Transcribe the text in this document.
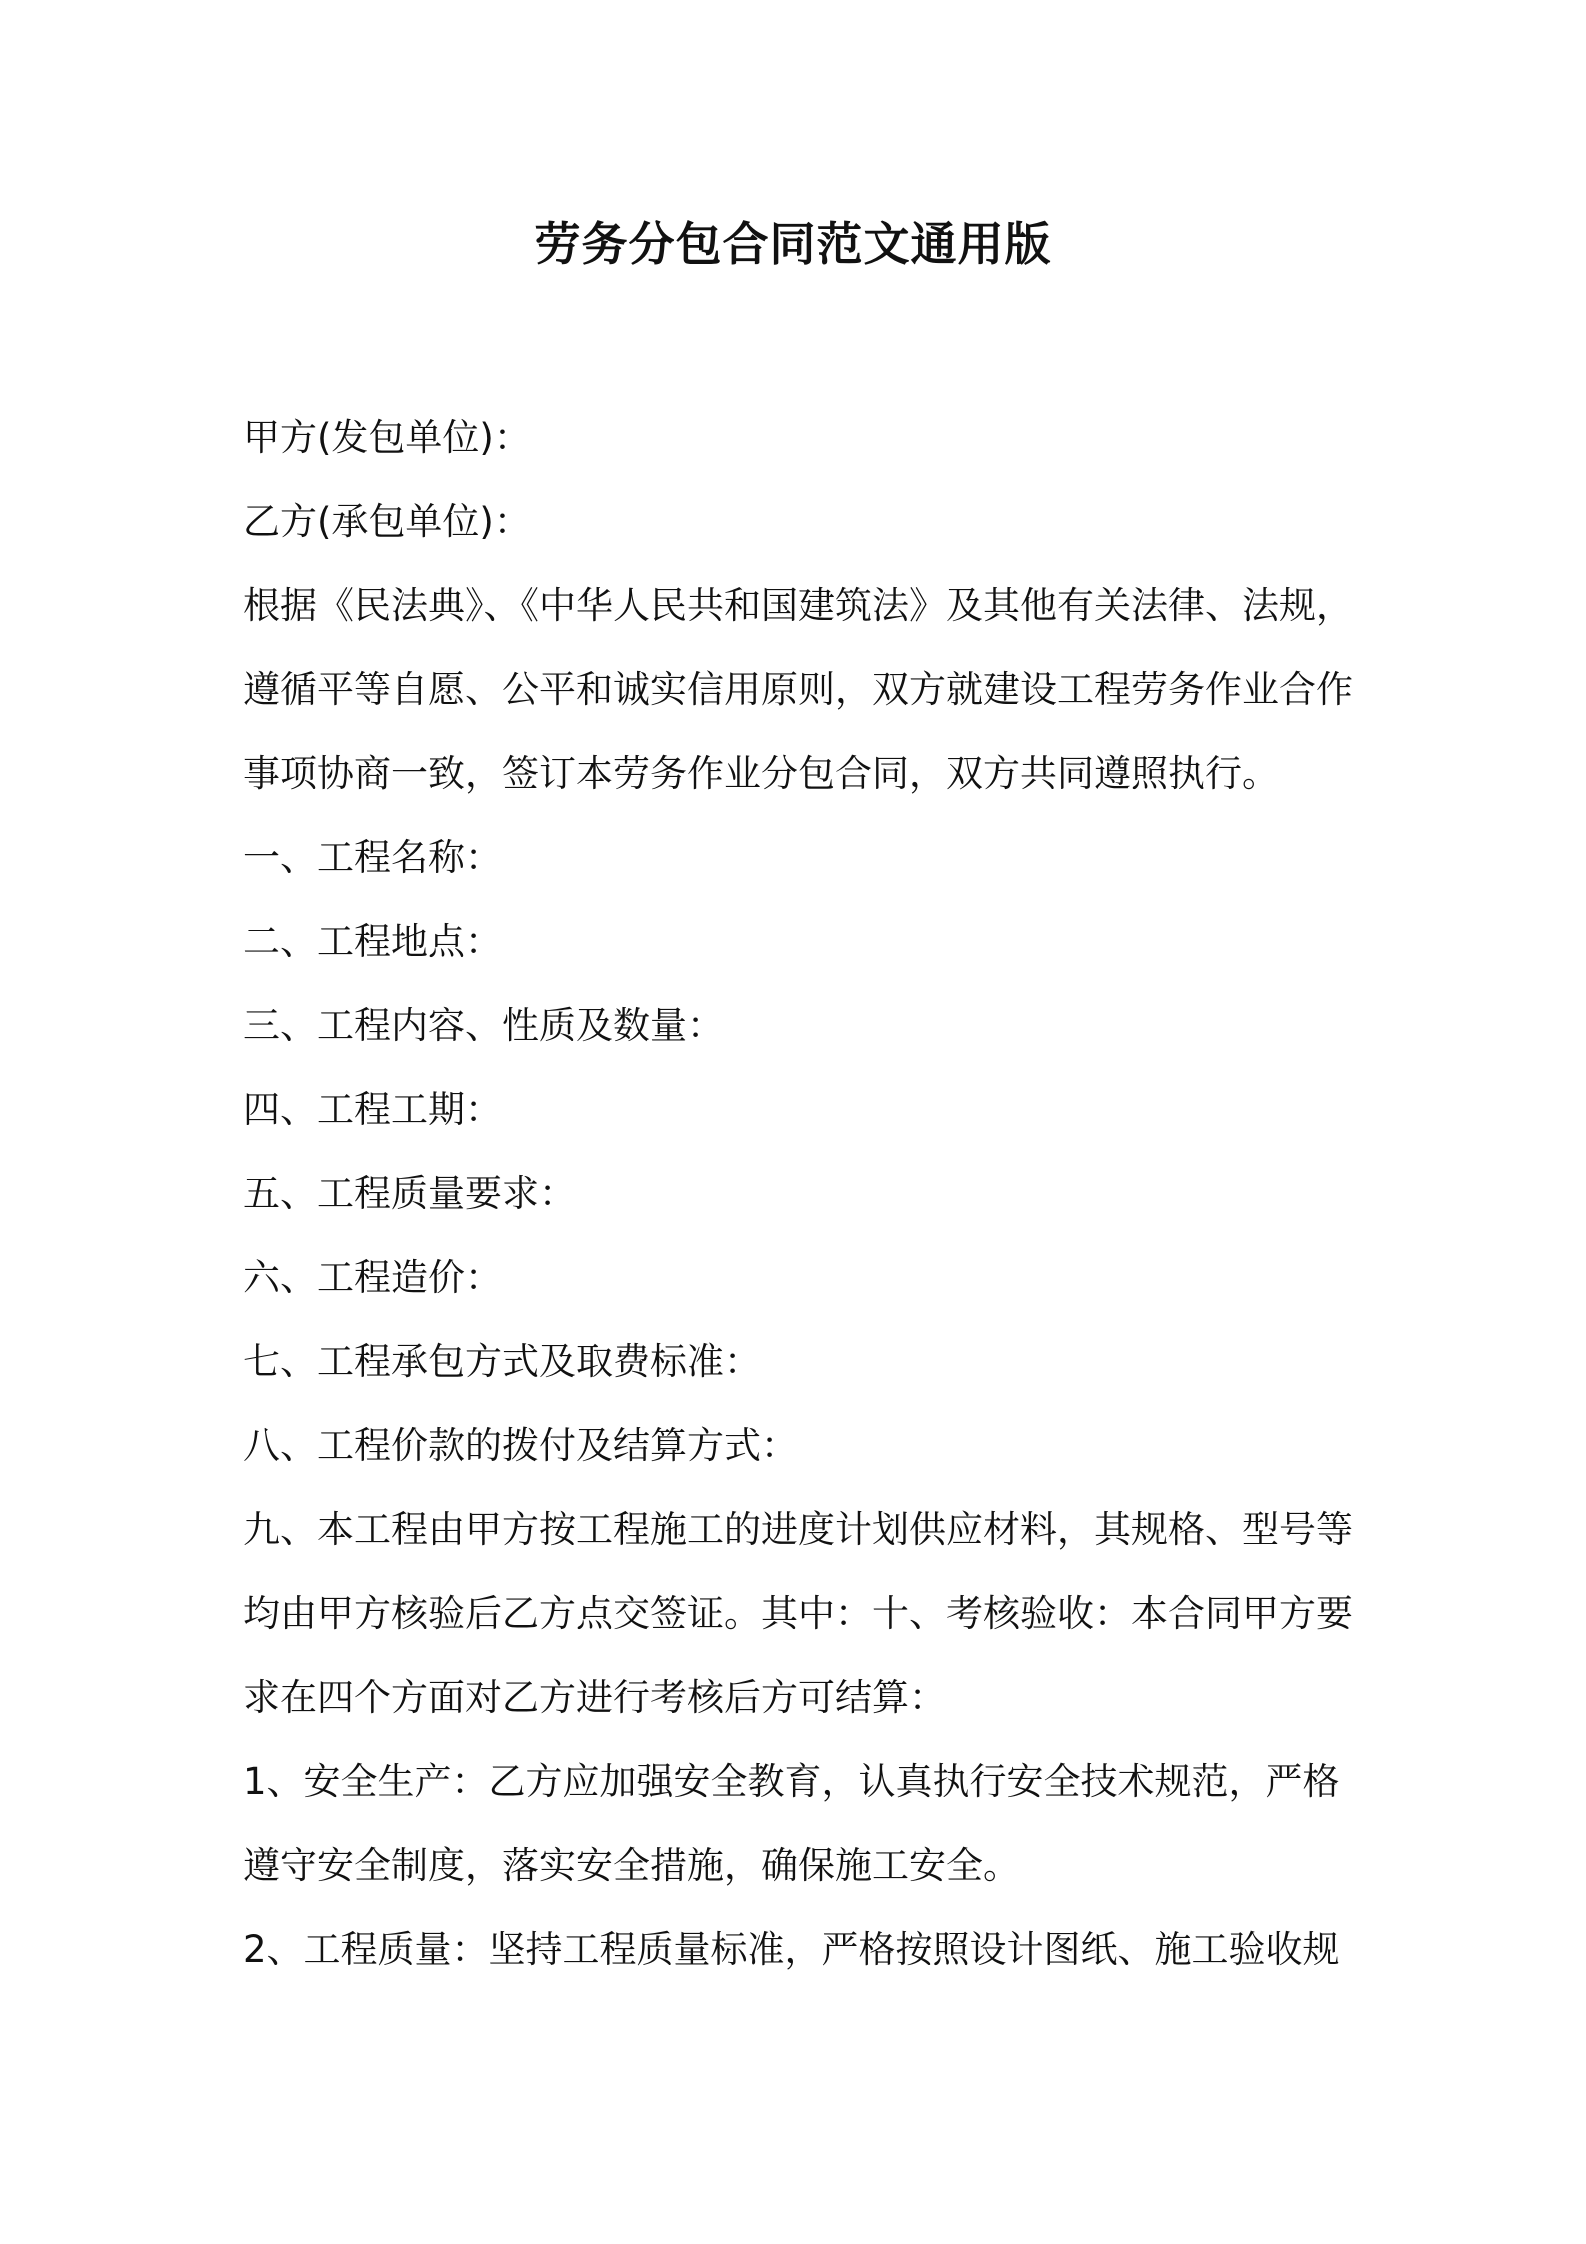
劳务分包合同范文通用版
甲方(发包单位)：
乙方(承包单位)：
根据《民法典》、《中华人民共和国建筑法》及其他有关法律、法规，
遵循平等自愿、公平和诚实信用原则，双方就建设工程劳务作业合作
事项协商一致，签订本劳务作业分包合同，双方共同遵照执行。
一、工程名称：
二、工程地点：
三、工程内容、性质及数量：
四、工程工期：
五、工程质量要求：
六、工程造价：
七、工程承包方式及取费标准：
八、工程价款的拨付及结算方式：
九、本工程由甲方按工程施工的进度计划供应材料，其规格、型号等
均由甲方核验后乙方点交签证。其中：十、考核验收：本合同甲方要
求在四个方面对乙方进行考核后方可结算：
1、安全生产：乙方应加强安全教育，认真执行安全技术规范，严格
遵守安全制度，落实安全措施，确保施工安全。
2、工程质量：坚持工程质量标准，严格按照设计图纸、施工验收规
